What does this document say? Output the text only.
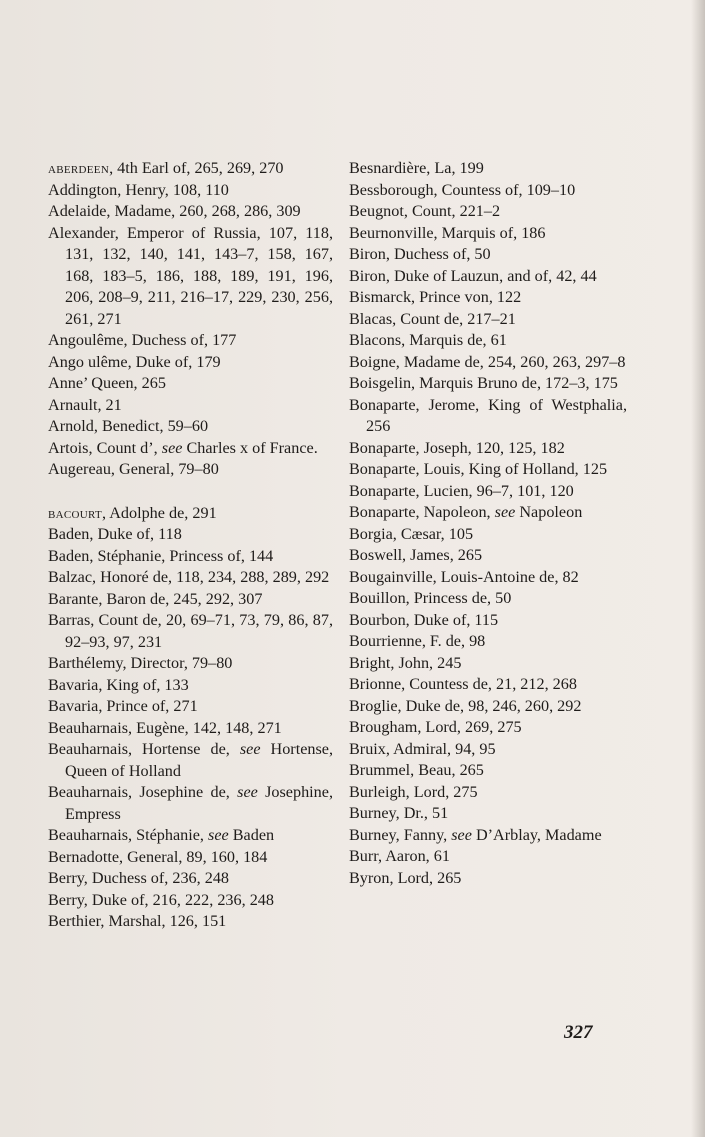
aberdeen, 4th Earl of, 265, 269, 270

Addington, Henry, 108, 110

Adelaide, Madame, 260, 268, 286, 309

Alexander, Emperor of Russia, 107, 118, 131, 132, 140, 141, 143–7, 158, 167, 168, 183–5, 186, 188, 189, 191, 196, 206, 208–9, 211, 216–17, 229, 230, 256, 261, 271

Angoulême, Duchess of, 177

Ango ulême, Duke of, 179

Anne’ Queen, 265

Arnault, 21

Arnold, Benedict, 59–60

Artois, Count d’, see Charles x of France.

Augereau, General, 79–80

bacourt, Adolphe de, 291

Baden, Duke of, 118

Baden, Stéphanie, Princess of, 144

Balzac, Honoré de, 118, 234, 288, 289, 292

Barante, Baron de, 245, 292, 307

Barras, Count de, 20, 69–71, 73, 79, 86, 87, 92–93, 97, 231

Barthélemy, Director, 79–80

Bavaria, King of, 133

Bavaria, Prince of, 271

Beauharnais, Eugène, 142, 148, 271

Beauharnais, Hortense de, see Hortense, Queen of Holland

Beauharnais, Josephine de, see Josephine, Empress

Beauharnais, Stéphanie, see Baden

Bernadotte, General, 89, 160, 184

Berry, Duchess of, 236, 248

Berry, Duke of, 216, 222, 236, 248

Berthier, Marshal, 126, 151

Besnardière, La, 199

Bessborough, Countess of, 109–10

Beugnot, Count, 221–2

Beurnonville, Marquis of, 186

Biron, Duchess of, 50

Biron, Duke of Lauzun, and of, 42, 44

Bismarck, Prince von, 122

Blacas, Count de, 217–21

Blacons, Marquis de, 61

Boigne, Madame de, 254, 260, 263, 297–8

Boisgelin, Marquis Bruno de, 172–3, 175

Bonaparte, Jerome, King of Westphalia, 256

Bonaparte, Joseph, 120, 125, 182

Bonaparte, Louis, King of Holland, 125

Bonaparte, Lucien, 96–7, 101, 120

Bonaparte, Napoleon, see Napoleon

Borgia, Cæsar, 105

Boswell, James, 265

Bougainville, Louis-Antoine de, 82

Bouillon, Princess de, 50

Bourbon, Duke of, 115

Bourrienne, F. de, 98

Bright, John, 245

Brionne, Countess de, 21, 212, 268

Broglie, Duke de, 98, 246, 260, 292

Brougham, Lord, 269, 275

Bruix, Admiral, 94, 95

Brummel, Beau, 265

Burleigh, Lord, 275

Burney, Dr., 51

Burney, Fanny, see D’Arblay, Madame

Burr, Aaron, 61

Byron, Lord, 265

327
